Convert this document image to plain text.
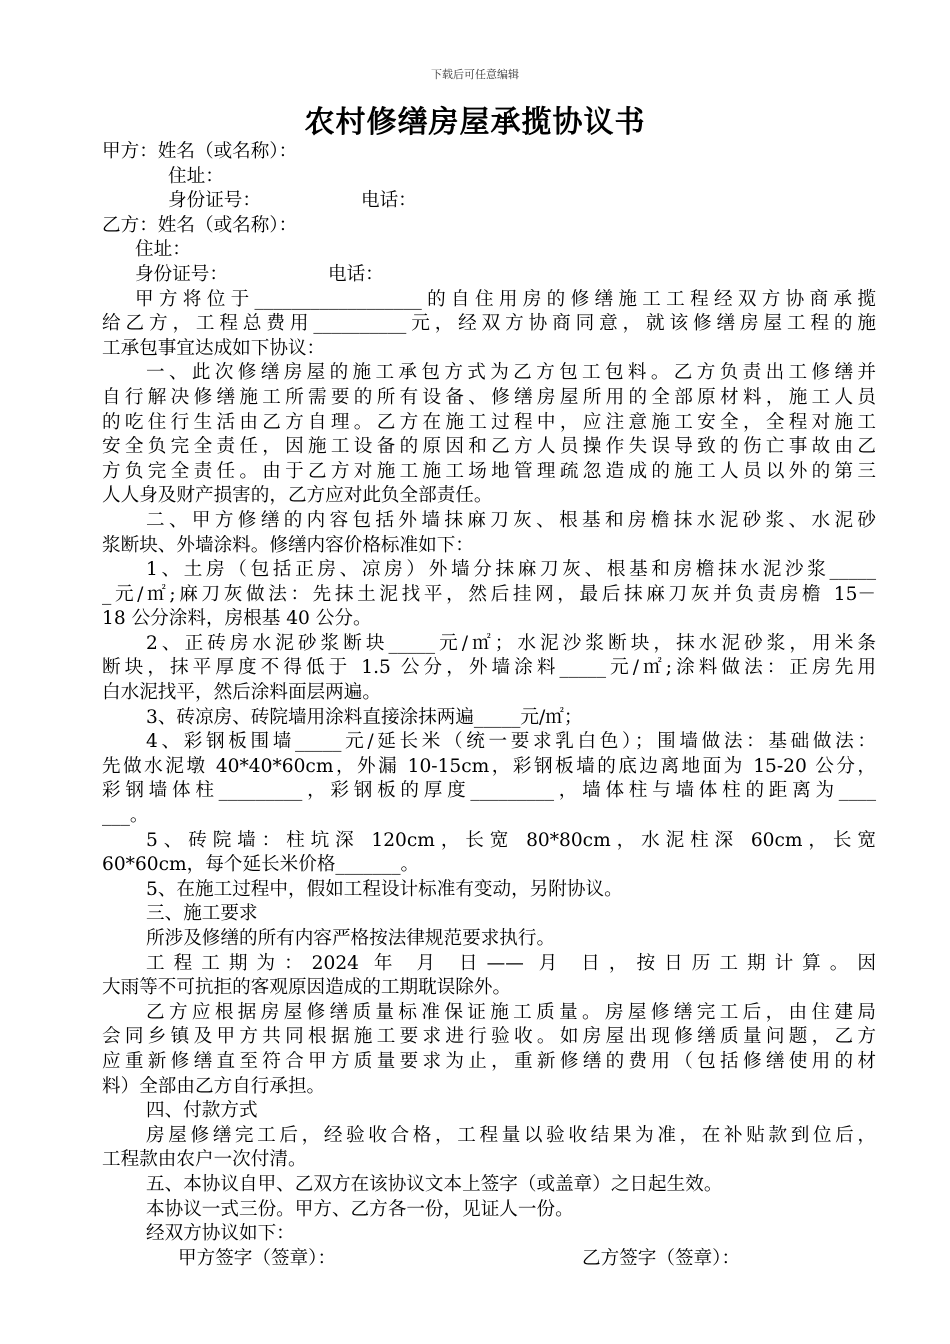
下载后可任意编辑
农村修缮房屋承揽协议书
甲方：姓名（或名称）：
住址：
身份证号：	电话：
乙方：姓名（或名称）：
住址：
身份证号：	电话：
甲方将位于__________________的自住用房的修缮施工工程经双方协商承揽
给乙方，工程总费用__________元，经双方协商同意，就该修缮房屋工程的施
工承包事宜达成如下协议：
一、此次修缮房屋的施工承包方式为乙方包工包料。乙方负责出工修缮并
自行解决修缮施工所需要的所有设备、修缮房屋所用的全部原材料，施工人员
的吃住行生活由乙方自理。乙方在施工过程中，应注意施工安全，全程对施工
安全负完全责任，因施工设备的原因和乙方人员操作失误导致的伤亡事故由乙
方负完全责任。由于乙方对施工施工场地管理疏忽造成的施工人员以外的第三
人人身及财产损害的，乙方应对此负全部责任。
二、甲方修缮的内容包括外墙抹麻刀灰、根基和房檐抹水泥砂浆、水泥砂
浆断块、外墙涂料。修缮内容价格标准如下：
1、土房（包括正房、凉房）外墙分抹麻刀灰、根基和房檐抹水泥沙浆_____
_元/㎡;麻刀灰做法：先抹土泥找平，然后挂网，最后抹麻刀灰并负责房檐 15－
18 公分涂料，房根基 40 公分。
2、正砖房水泥砂浆断块_____元/㎡；水泥沙浆断块，抹水泥砂浆，用米条
断块，抹平厚度不得低于 1.5 公分，外墙涂料_____元/㎡;涂料做法：正房先用
白水泥找平，然后涂料面层两遍。
3、砖凉房、砖院墙用涂料直接涂抹两遍_____元/㎡；
4、彩钢板围墙_____元/延长米（统一要求乳白色）；围墙做法：基础做法：
先做水泥墩 40*40*60cm，外漏 10-15cm，彩钢板墙的底边离地面为 15-20 公分，
彩钢墙体柱_________，彩钢板的厚度_________，墙体柱与墙体柱的距离为____
___。
5、砖院墙：柱坑深 120cm，长宽 80*80cm，水泥柱深 60cm，长宽
60*60cm，每个延长米价格_______。
5、在施工过程中，假如工程设计标准有变动，另附协议。
三、施工要求
所涉及修缮的所有内容严格按法律规范要求执行。
工程工期为：2024 年 月 日—— 月 日，按日历工期计算。因
大雨等不可抗拒的客观原因造成的工期耽误除外。
乙方应根据房屋修缮质量标准保证施工质量。房屋修缮完工后，由住建局
会同乡镇及甲方共同根据施工要求进行验收。如房屋出现修缮质量问题，乙方
应重新修缮直至符合甲方质量要求为止，重新修缮的费用（包括修缮使用的材
料）全部由乙方自行承担。
四、付款方式
房屋修缮完工后，经验收合格，工程量以验收结果为准，在补贴款到位后，
工程款由农户一次付清。
五、本协议自甲、乙双方在该协议文本上签字（或盖章）之日起生效。
本协议一式三份。甲方、乙方各一份，见证人一份。
经双方协议如下：
甲方签字（签章）：	乙方签字（签章）：
